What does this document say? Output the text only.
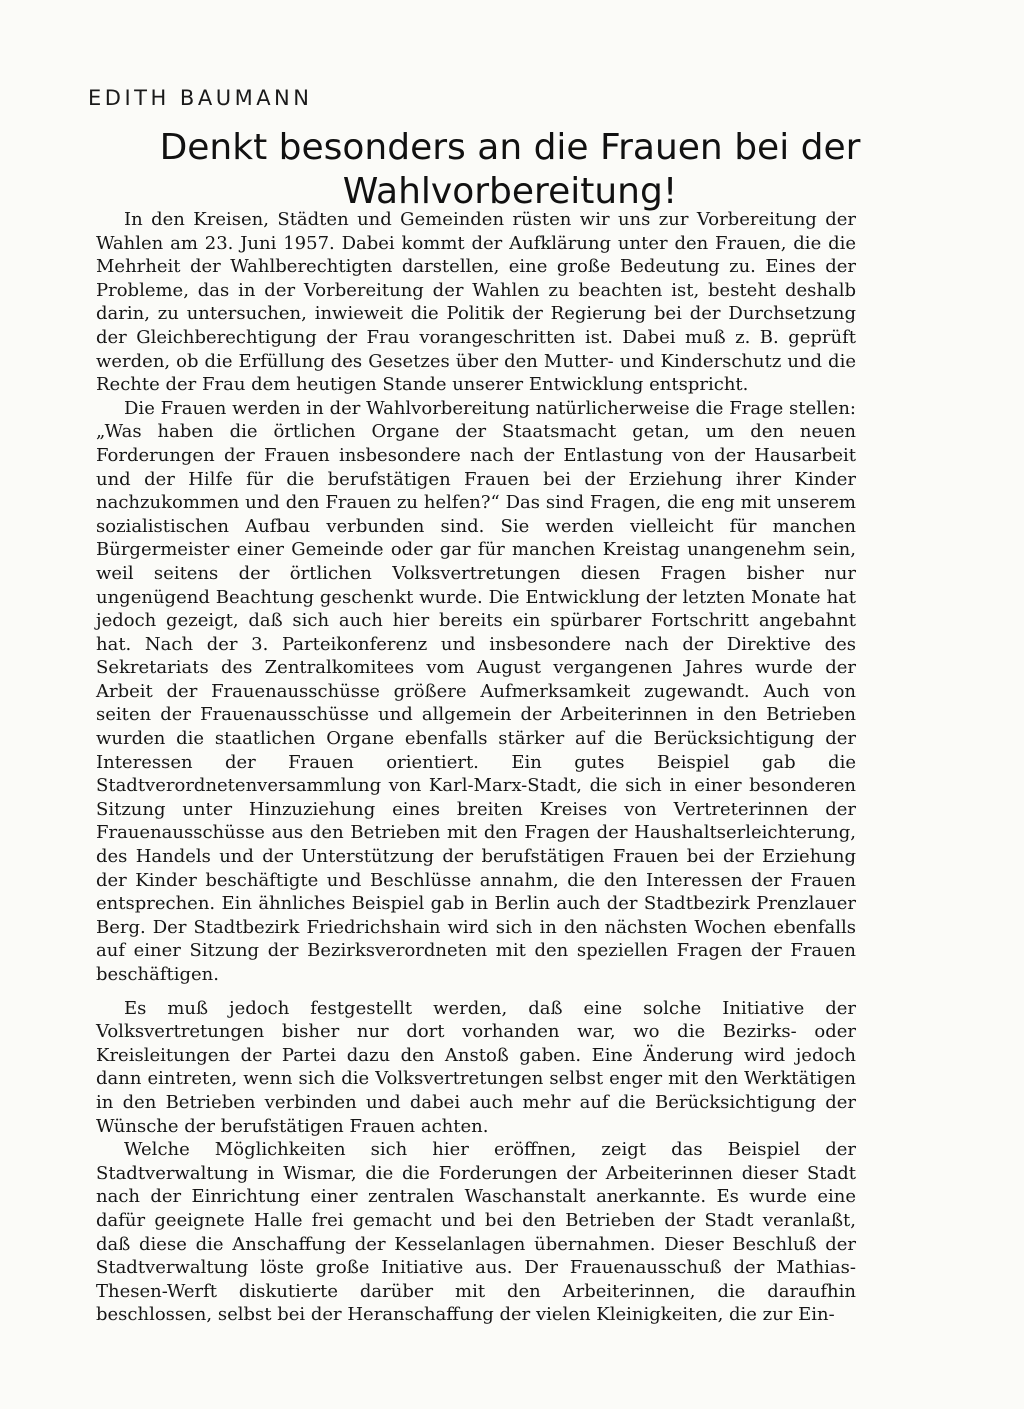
EDITH BAUMANN
Denkt besonders an die Frauen bei der Wahlvorbereitung!

In den Kreisen, Städten und Gemeinden rüsten wir uns zur Vorbereitung der Wahlen am 23. Juni 1957. Dabei kommt der Aufklärung unter den Frauen, die die Mehrheit der Wahlberechtigten darstellen, eine große Bedeutung zu. Eines der Probleme, das in der Vorbereitung der Wahlen zu beachten ist, besteht deshalb darin, zu untersuchen, inwieweit die Politik der Regierung bei der Durchsetzung der Gleichberechtigung der Frau vorangeschritten ist. Dabei muß z. B. geprüft werden, ob die Erfüllung des Gesetzes über den Mutter- und Kinderschutz und die Rechte der Frau dem heutigen Stande unserer Entwicklung entspricht.

Die Frauen werden in der Wahlvorbereitung natürlicherweise die Frage stellen: „Was haben die örtlichen Organe der Staatsmacht getan, um den neuen Forderungen der Frauen insbesondere nach der Entlastung von der Hausarbeit und der Hilfe für die berufstätigen Frauen bei der Erziehung ihrer Kinder nachzukommen und den Frauen zu helfen?“ Das sind Fragen, die eng mit unserem sozialistischen Aufbau verbunden sind. Sie werden vielleicht für manchen Bürgermeister einer Gemeinde oder gar für manchen Kreistag unangenehm sein, weil seitens der örtlichen Volksvertretungen diesen Fragen bisher nur ungenügend Beachtung geschenkt wurde. Die Entwicklung der letzten Monate hat jedoch gezeigt, daß sich auch hier bereits ein spürbarer Fortschritt angebahnt hat. Nach der 3. Parteikonferenz und insbesondere nach der Direktive des Sekretariats des Zentralkomitees vom August vergangenen Jahres wurde der Arbeit der Frauenausschüsse größere Aufmerksamkeit zugewandt. Auch von seiten der Frauenausschüsse und allgemein der Arbeiterinnen in den Betrieben wurden die staatlichen Organe ebenfalls stärker auf die Berücksichtigung der Interessen der Frauen orientiert. Ein gutes Beispiel gab die Stadtverordnetenversammlung von Karl-Marx-Stadt, die sich in einer besonderen Sitzung unter Hinzuziehung eines breiten Kreises von Vertreterinnen der Frauenausschüsse aus den Betrieben mit den Fragen der Haushaltserleichterung, des Handels und der Unterstützung der berufstätigen Frauen bei der Erziehung der Kinder beschäftigte und Beschlüsse annahm, die den Interessen der Frauen entsprechen. Ein ähnliches Beispiel gab in Berlin auch der Stadtbezirk Prenzlauer Berg. Der Stadtbezirk Friedrichshain wird sich in den nächsten Wochen ebenfalls auf einer Sitzung der Bezirksverordneten mit den speziellen Fragen der Frauen beschäftigen.

Es muß jedoch festgestellt werden, daß eine solche Initiative der Volksvertretungen bisher nur dort vorhanden war, wo die Bezirks- oder Kreisleitungen der Partei dazu den Anstoß gaben. Eine Änderung wird jedoch dann eintreten, wenn sich die Volksvertretungen selbst enger mit den Werktätigen in den Betrieben verbinden und dabei auch mehr auf die Berücksichtigung der Wünsche der berufstätigen Frauen achten.

Welche Möglichkeiten sich hier eröffnen, zeigt das Beispiel der Stadtverwaltung in Wismar, die die Forderungen der Arbeiterinnen dieser Stadt nach der Einrichtung einer zentralen Waschanstalt anerkannte. Es wurde eine dafür geeignete Halle frei gemacht und bei den Betrieben der Stadt veranlaßt, daß diese die Anschaffung der Kesselanlagen übernahmen. Dieser Beschluß der Stadtverwaltung löste große Initiative aus. Der Frauenausschuß der Mathias-Thesen-Werft diskutierte darüber mit den Arbeiterinnen, die daraufhin beschlossen, selbst bei der Heranschaffung der vielen Kleinigkeiten, die zur Ein-
